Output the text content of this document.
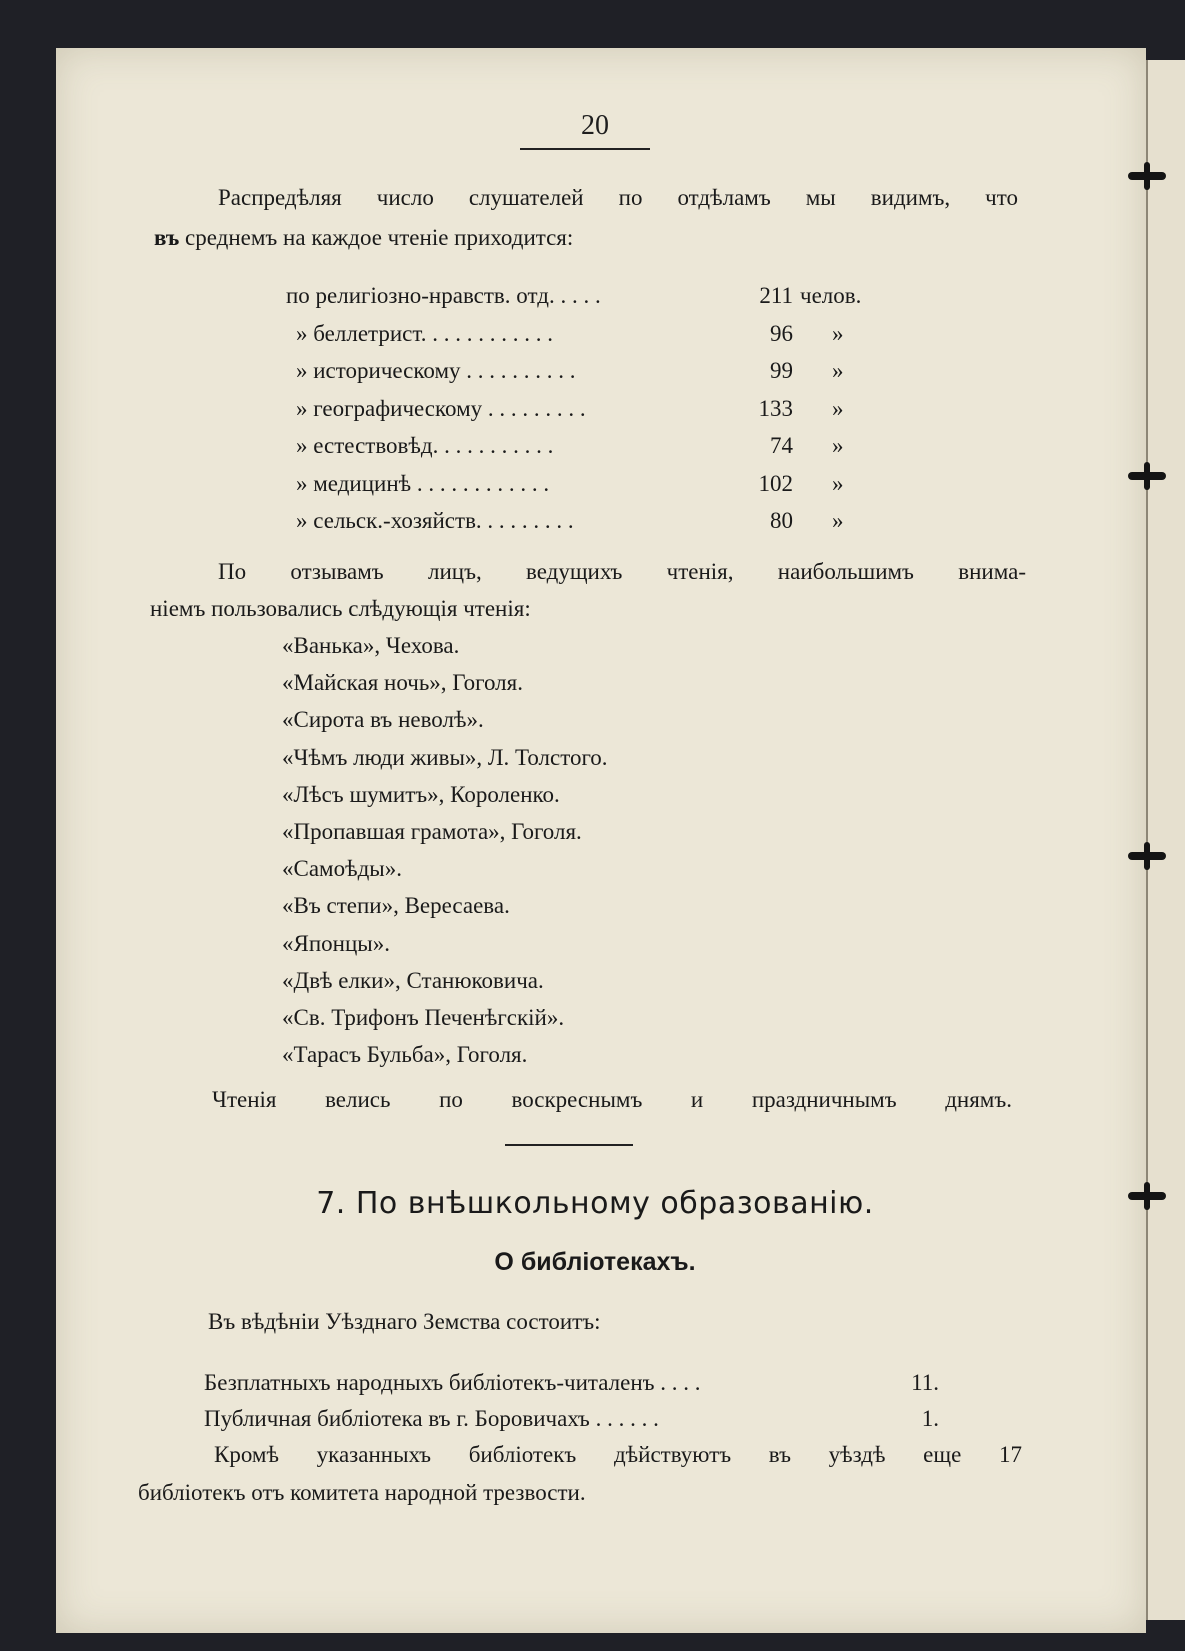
20
Распредѣляя число слушателей по отдѣламъ мы видимъ, что
въ среднемъ на каждое чтеніе приходится:
по религіозно-нравств. отд. . . . .	211 челов.
» беллетрист. . . . . . . . . . . .	96 »
» историческому . . . . . . . . . .	99 »
» географическому . . . . . . . . .	133 »
» естествовѣд. . . . . . . . . . .	74 »
» медицинѣ . . . . . . . . . . . .	102 »
» сельск.-хозяйств. . . . . . . . .	80 »
По отзывамъ лицъ, ведущихъ чтенія, наибольшимъ внима-
ніемъ пользовались слѣдующія чтенія:
«Ванька», Чехова.
«Майская ночь», Гоголя.
«Сирота въ неволѣ».
«Чѣмъ люди живы», Л. Толстого.
«Лѣсъ шумитъ», Короленко.
«Пропавшая грамота», Гоголя.
«Самоѣды».
«Въ степи», Вересаева.
«Японцы».
«Двѣ елки», Станюковича.
«Св. Трифонъ Печенѣгскій».
«Тарасъ Бульба», Гоголя.
Чтенія велись по воскреснымъ и праздничнымъ днямъ.
7. По внѣшкольному образованію.
О библіотекахъ.
Въ вѣдѣніи Уѣзднаго Земства состоитъ:
Безплатныхъ народныхъ библіотекъ-читаленъ . . . .	11.
Публичная библіотека въ г. Боровичахъ . . . . . .	1.
Кромѣ указанныхъ библіотекъ дѣйствуютъ въ уѣздѣ еще 17
библіотекъ отъ комитета народной трезвости.
